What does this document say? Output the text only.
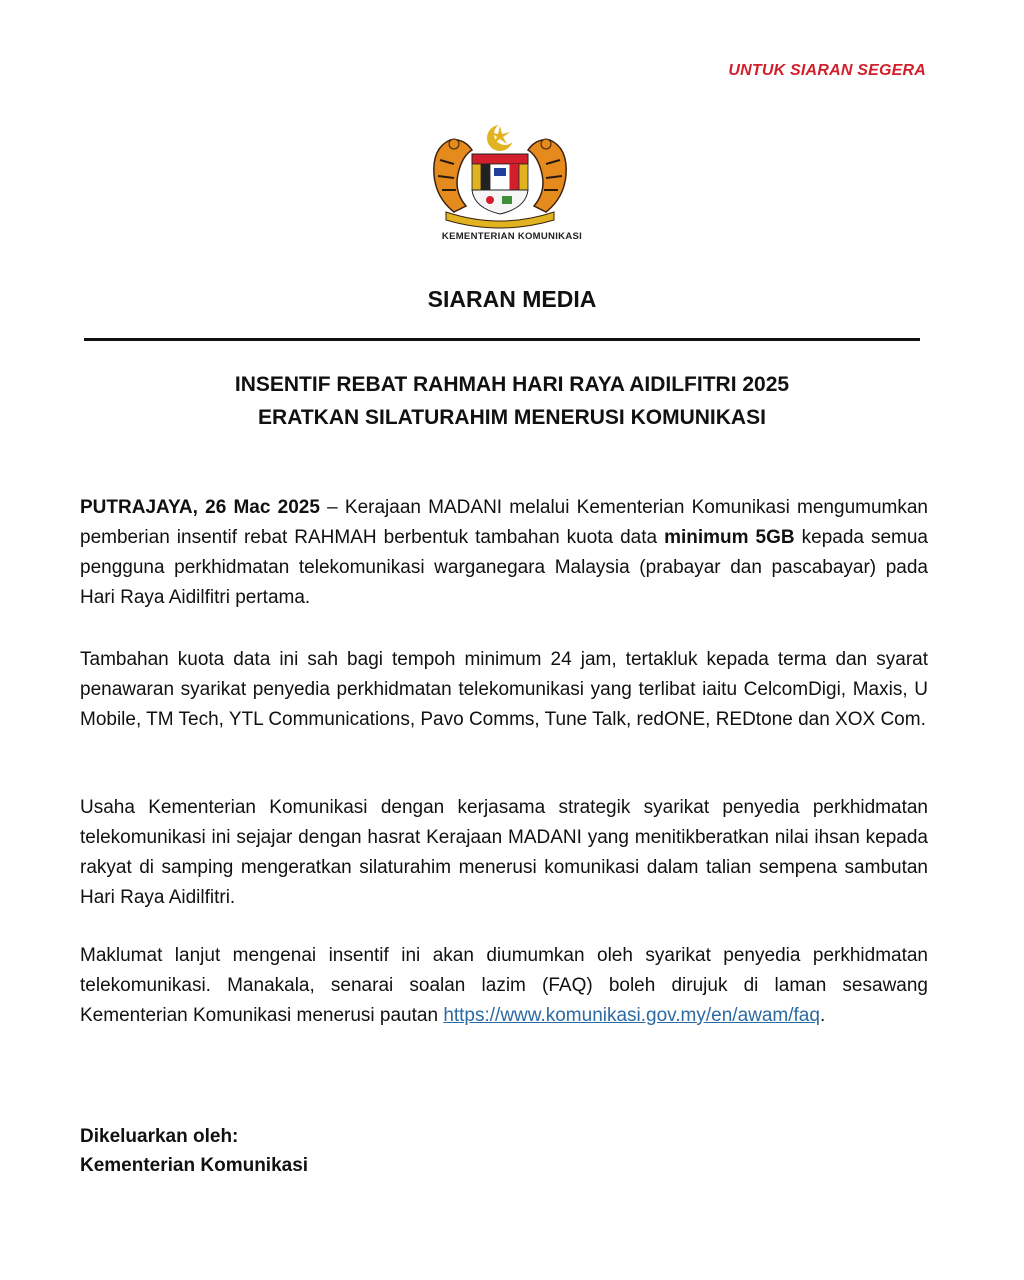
UNTUK SIARAN SEGERA
KEMENTERIAN KOMUNIKASI
SIARAN MEDIA
INSENTIF REBAT RAHMAH HARI RAYA AIDILFITRI 2025
ERATKAN SILATURAHIM MENERUSI KOMUNIKASI

PUTRAJAYA, 26 Mac 2025 – Kerajaan MADANI melalui Kementerian Komunikasi mengumumkan pemberian insentif rebat RAHMAH berbentuk tambahan kuota data minimum 5GB kepada semua pengguna perkhidmatan telekomunikasi warganegara Malaysia (prabayar dan pascabayar) pada Hari Raya Aidilfitri pertama.

Tambahan kuota data ini sah bagi tempoh minimum 24 jam, tertakluk kepada terma dan syarat penawaran syarikat penyedia perkhidmatan telekomunikasi yang terlibat iaitu CelcomDigi, Maxis, U Mobile, TM Tech, YTL Communications, Pavo Comms, Tune Talk, redONE, REDtone dan XOX Com.

Usaha Kementerian Komunikasi dengan kerjasama strategik syarikat penyedia perkhidmatan telekomunikasi ini sejajar dengan hasrat Kerajaan MADANI yang menitikberatkan nilai ihsan kepada rakyat di samping mengeratkan silaturahim menerusi komunikasi dalam talian sempena sambutan Hari Raya Aidilfitri.

Maklumat lanjut mengenai insentif ini akan diumumkan oleh syarikat penyedia perkhidmatan telekomunikasi. Manakala, senarai soalan lazim (FAQ) boleh dirujuk di laman sesawang Kementerian Komunikasi menerusi pautan https://www.komunikasi.gov.my/en/awam/faq.

Dikeluarkan oleh:
Kementerian Komunikasi
